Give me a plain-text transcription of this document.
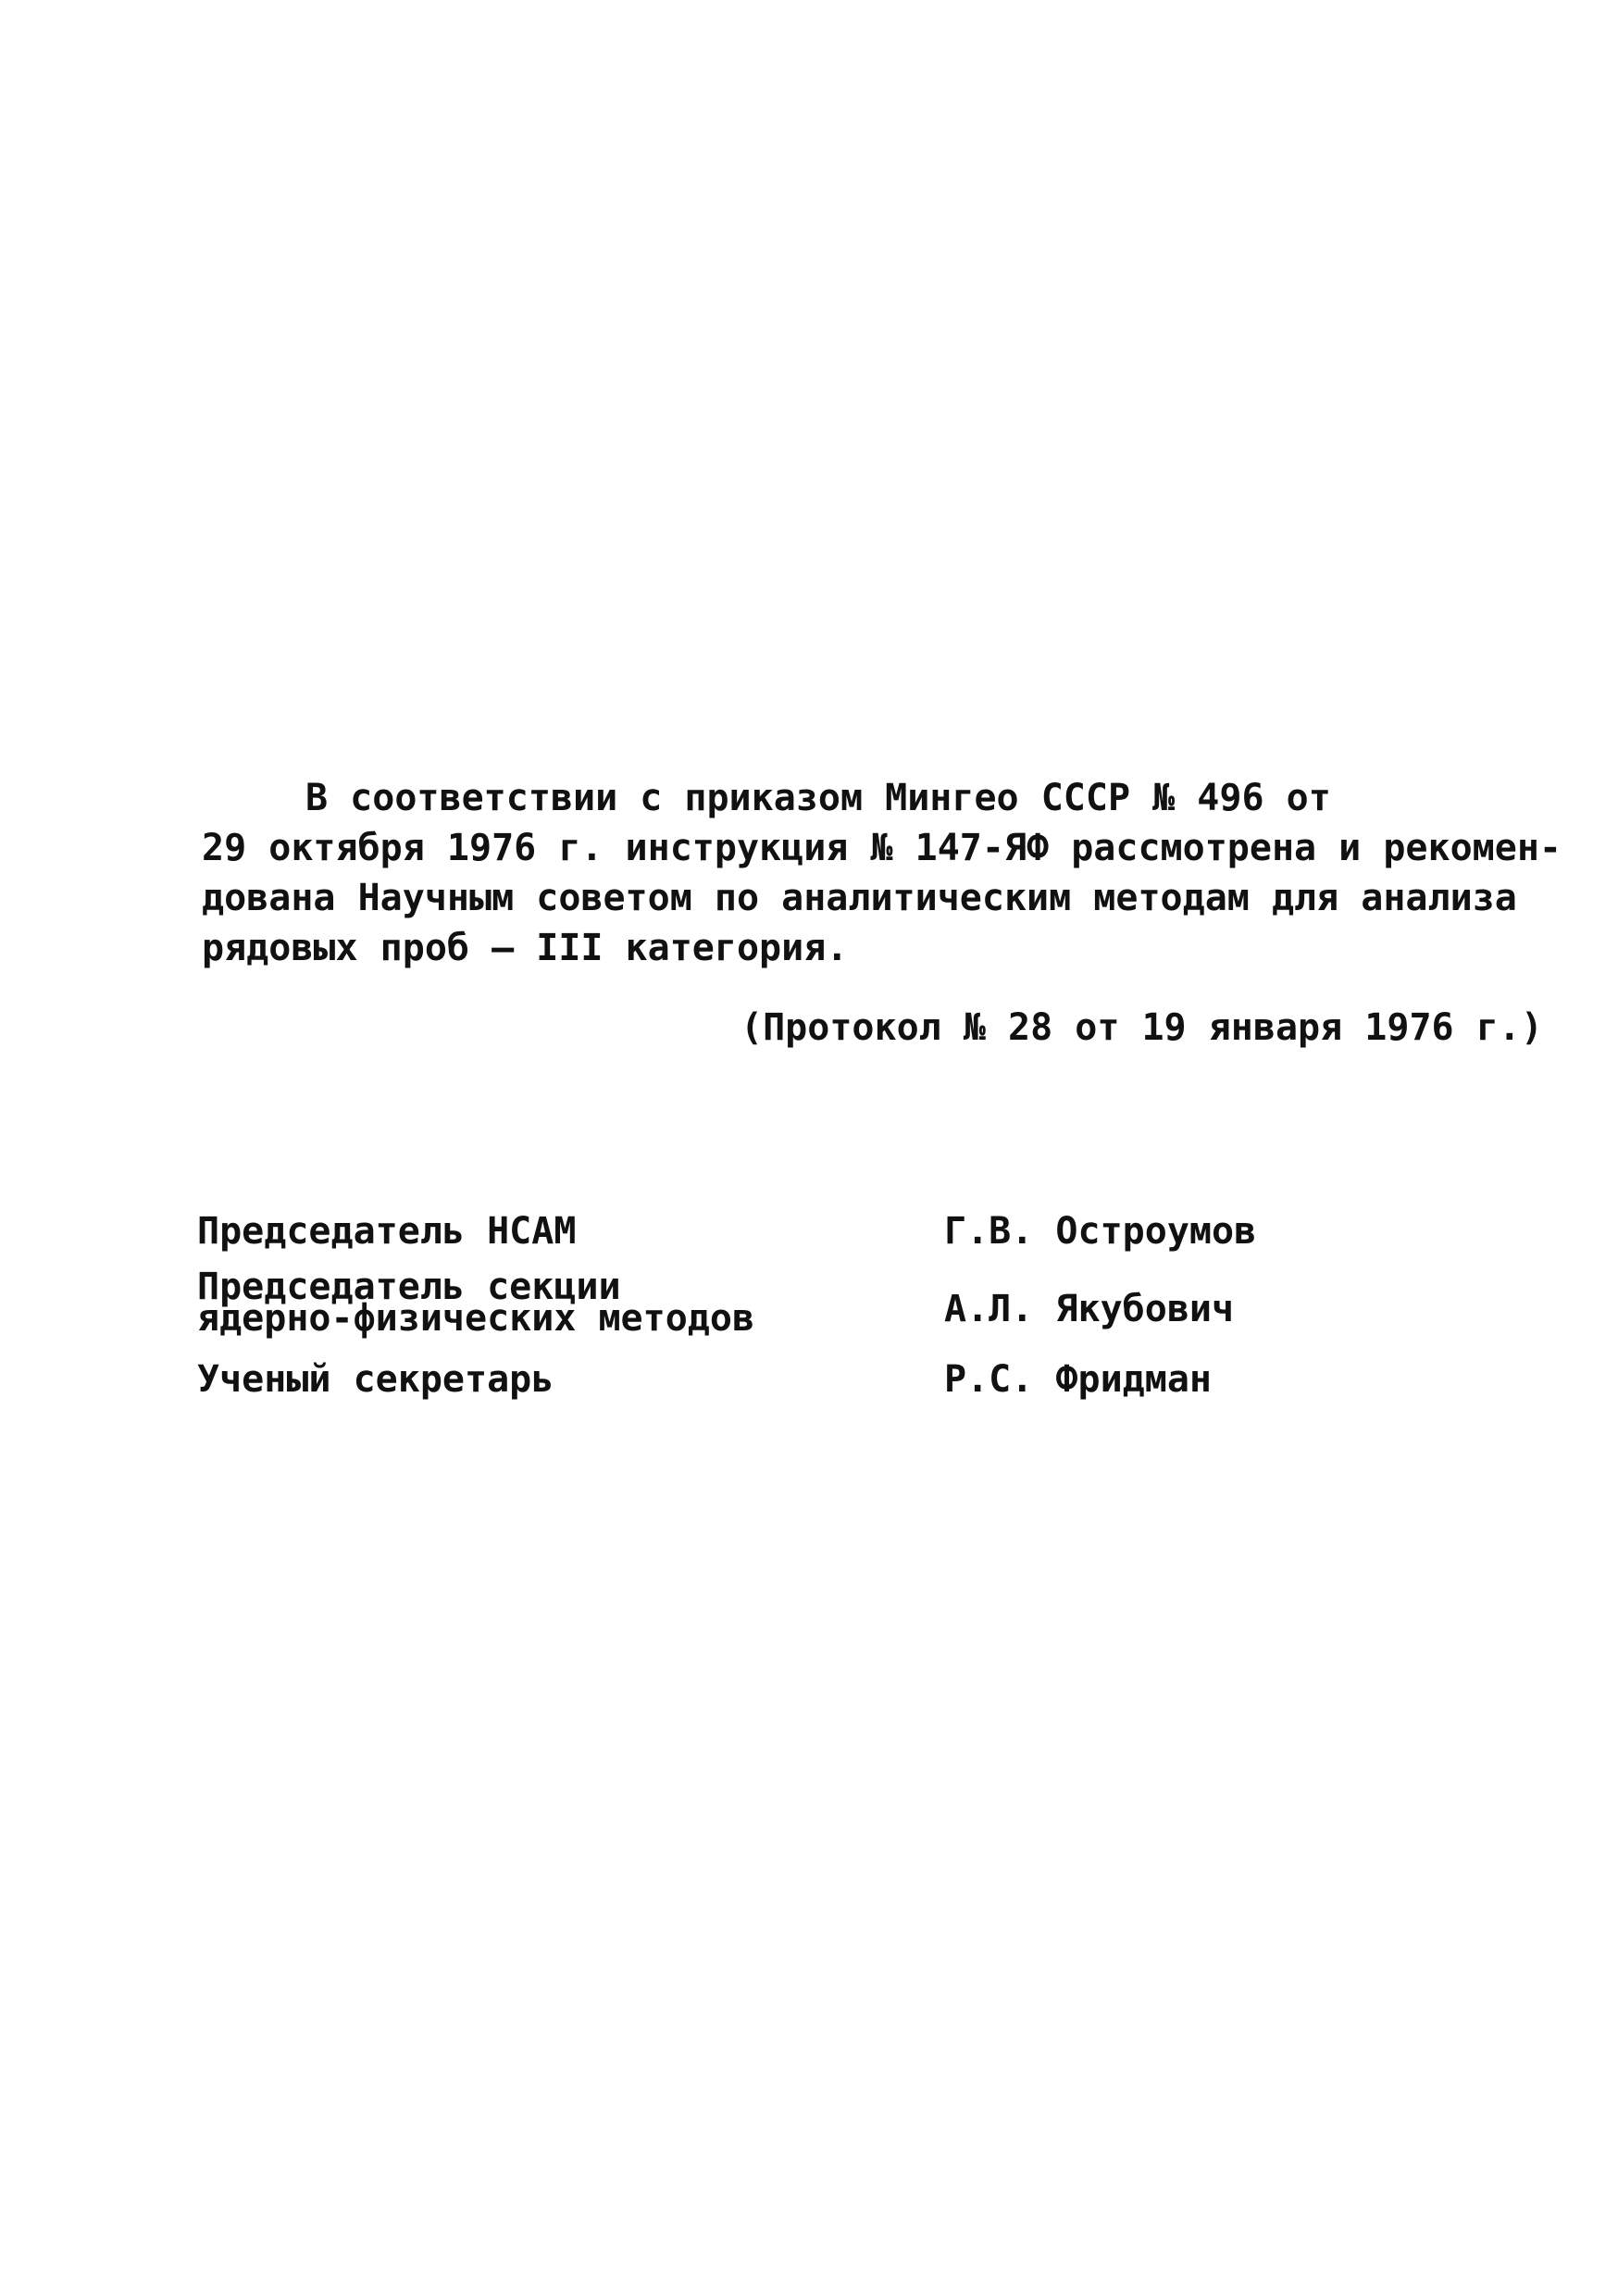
В соответствии с приказом Мингео СССР № 496 от
29 октября 1976 г. инструкция № 147-ЯФ рассмотрена и рекомен-
дована Научным советом по аналитическим методам для анализа
рядовых проб – III категория.
(Протокол № 28 от 19 января 1976 г.)
Председатель НСАМ	Г.В. Остроумов
Председатель секции
ядерно-физических методов	А.Л. Якубович
Ученый секретарь	Р.С. Фридман
